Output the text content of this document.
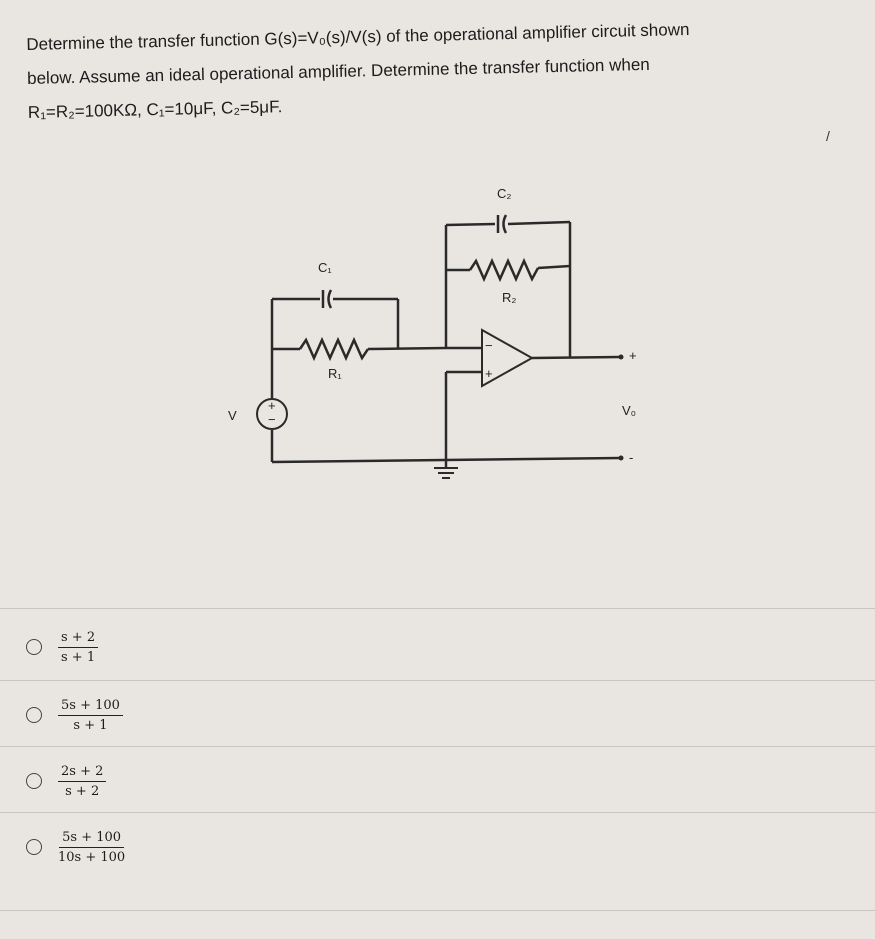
Determine the transfer function G(s)=V₀(s)/V(s) of the operational amplifier circuit shown

below. Assume an ideal operational amplifier. Determine the transfer function when

R₁=R₂=100KΩ, C₁=10μF, C₂=5μF.

/
+
−
−
+
C₁
C₂
R₁
R₂
V	V₀
+
-
$\frac{s + 2}{s + 1}$
$\frac{5s + 100}{s + 1}$
$\frac{2s + 2}{s + 2}$
$\frac{5s + 100}{10s + 100}$
